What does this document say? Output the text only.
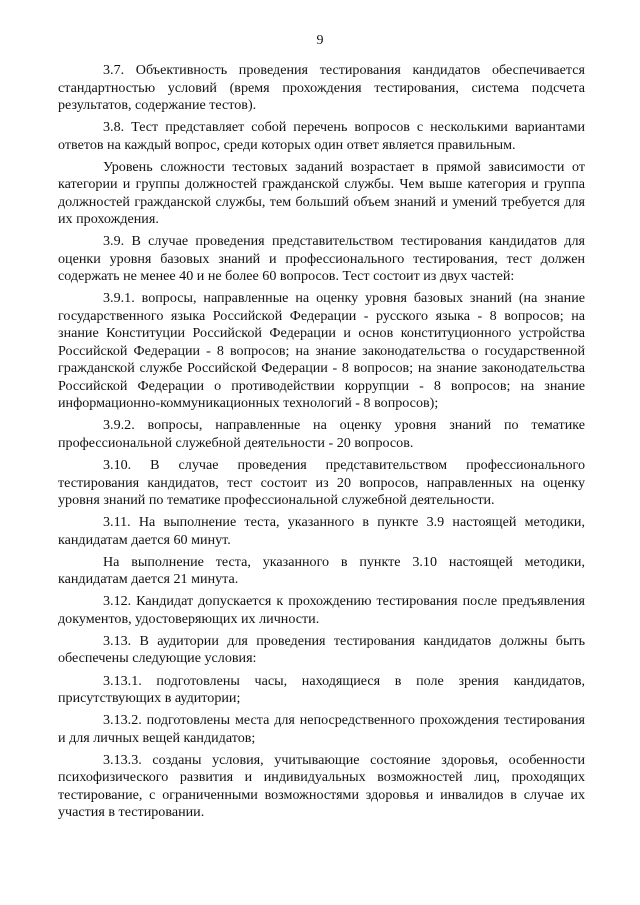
9

3.7. Объективность проведения тестирования кандидатов обеспечивается стандартностью условий (время прохождения тестирования, система подсчета результатов, содержание тестов).

3.8. Тест представляет собой перечень вопросов с несколькими вариантами ответов на каждый вопрос, среди которых один ответ является правильным.

Уровень сложности тестовых заданий возрастает в прямой зависимости от категории и группы должностей гражданской службы. Чем выше категория и группа должностей гражданской службы, тем больший объем знаний и умений требуется для их прохождения.

3.9. В случае проведения представительством тестирования кандидатов для оценки уровня базовых знаний и профессионального тестирования, тест должен содержать не менее 40 и не более 60 вопросов. Тест состоит из двух частей:

3.9.1. вопросы, направленные на оценку уровня базовых знаний (на знание государственного языка Российской Федерации - русского языка - 8 вопросов; на знание Конституции Российской Федерации и основ конституционного устройства Российской Федерации - 8 вопросов; на знание законодательства о государственной гражданской службе Российской Федерации - 8 вопросов; на знание законодательства Российской Федерации о противодействии коррупции - 8 вопросов; на знание информационно-коммуникационных технологий - 8 вопросов);

3.9.2. вопросы, направленные на оценку уровня знаний по тематике профессиональной служебной деятельности - 20 вопросов.

3.10. В случае проведения представительством профессионального тестирования кандидатов, тест состоит из 20 вопросов, направленных на оценку уровня знаний по тематике профессиональной служебной деятельности.

3.11. На выполнение теста, указанного в пункте 3.9 настоящей методики, кандидатам дается 60 минут.

На выполнение теста, указанного в пункте 3.10 настоящей методики, кандидатам дается 21 минута.

3.12. Кандидат допускается к прохождению тестирования после предъявления документов, удостоверяющих их личности.

3.13. В аудитории для проведения тестирования кандидатов должны быть обеспечены следующие условия:

3.13.1. подготовлены часы, находящиеся в поле зрения кандидатов, присутствующих в аудитории;

3.13.2. подготовлены места для непосредственного прохождения тестирования и для личных вещей кандидатов;

3.13.3. созданы условия, учитывающие состояние здоровья, особенности психофизического развития и индивидуальных возможностей лиц, проходящих тестирование, с ограниченными возможностями здоровья и инвалидов в случае их участия в тестировании.
